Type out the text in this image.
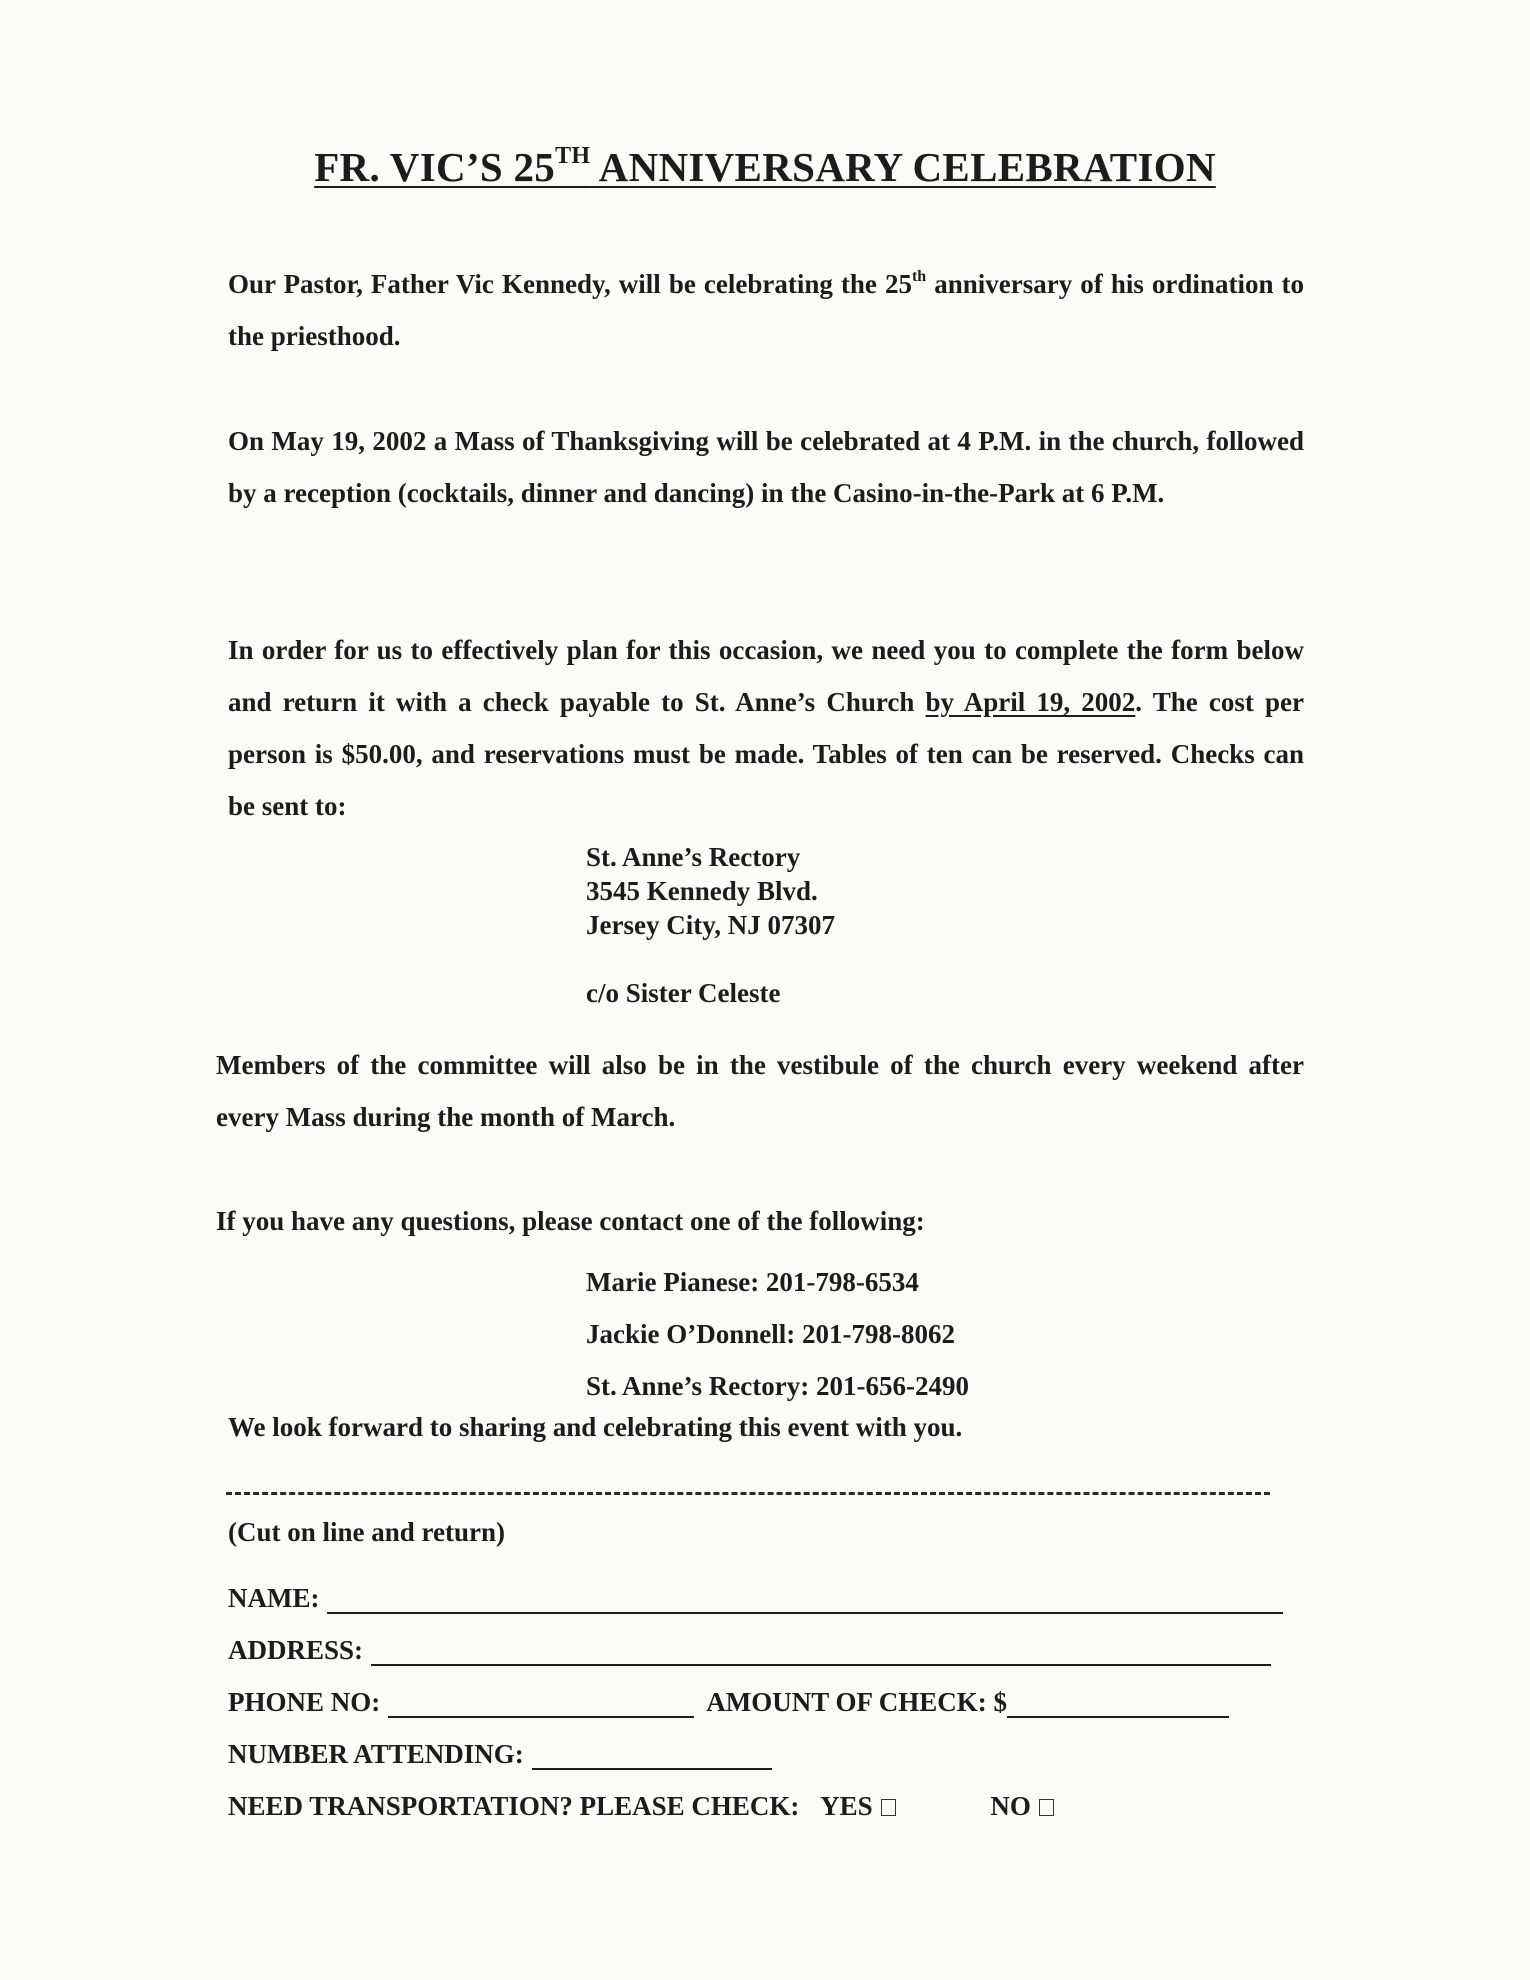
FR. VIC’S 25TH ANNIVERSARY CELEBRATION

Our Pastor, Father Vic Kennedy, will be celebrating the 25th anniversary of his ordination to the priesthood.

On May 19, 2002 a Mass of Thanksgiving will be celebrated at 4 P.M. in the church, followed by a reception (cocktails, dinner and dancing) in the Casino-in-the-Park at 6 P.M.

In order for us to effectively plan for this occasion, we need you to complete the form below and return it with a check payable to St. Anne’s Church by April 19, 2002. The cost per person is $50.00, and reservations must be made. Tables of ten can be reserved. Checks can be sent to:

St. Anne’s Rectory
3545 Kennedy Blvd.
Jersey City, NJ 07307
c/o Sister Celeste

Members of the committee will also be in the vestibule of the church every weekend after every Mass during the month of March.

If you have any questions, please contact one of the following:
Marie Pianese: 201-798-6534
Jackie O’Donnell: 201-798-8062
St. Anne’s Rectory: 201-656-2490
We look forward to sharing and celebrating this event with you.
(Cut on line and return)
NAME:
ADDRESS:
PHONE NO:	AMOUNT OF CHECK: $
NUMBER ATTENDING:
NEED TRANSPORTATION? PLEASE CHECK: YES	NO
